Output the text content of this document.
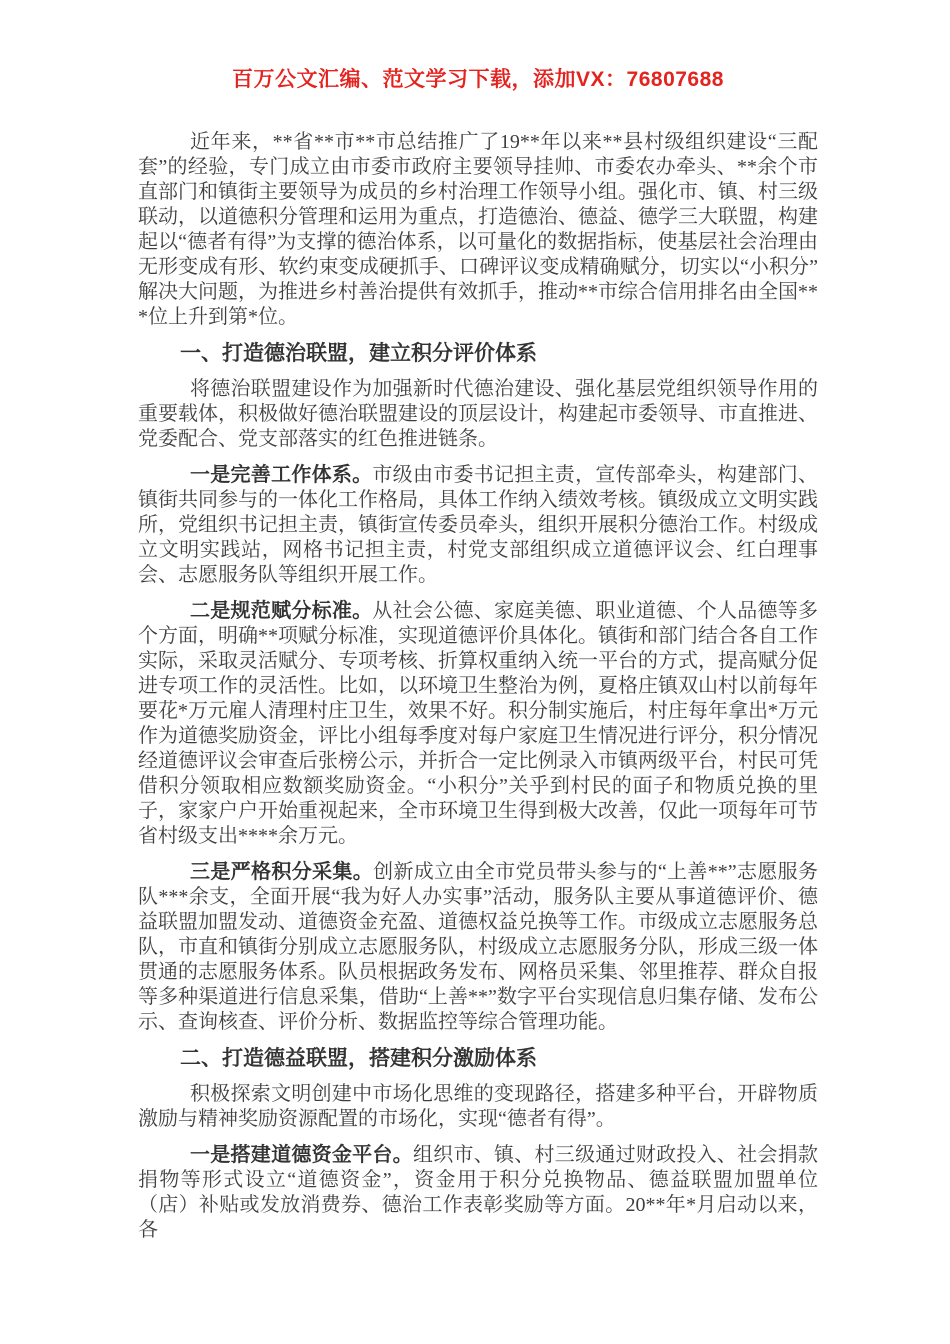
百万公文汇编、范文学习下载，添加VX：76807688

近年来，**省**市**市总结推广了19**年以来**县村级组织建设“三配套”的经验，专门成立由市委市政府主要领导挂帅、市委农办牵头、**余个市直部门和镇街主要领导为成员的乡村治理工作领导小组。强化市、镇、村三级联动，以道德积分管理和运用为重点，打造德治、德益、德学三大联盟，构建起以“德者有得”为支撑的德治体系，以可量化的数据指标，使基层社会治理由无形变成有形、软约束变成硬抓手、口碑评议变成精确赋分，切实以“小积分”解决大问题，为推进乡村善治提供有效抓手，推动**市综合信用排名由全国***位上升到第*位。

一、打造德治联盟，建立积分评价体系

将德治联盟建设作为加强新时代德治建设、强化基层党组织领导作用的重要载体，积极做好德治联盟建设的顶层设计，构建起市委领导、市直推进、党委配合、党支部落实的红色推进链条。

一是完善工作体系。市级由市委书记担主责，宣传部牵头，构建部门、镇街共同参与的一体化工作格局，具体工作纳入绩效考核。镇级成立文明实践所，党组织书记担主责，镇街宣传委员牵头，组织开展积分德治工作。村级成立文明实践站，网格书记担主责，村党支部组织成立道德评议会、红白理事会、志愿服务队等组织开展工作。

二是规范赋分标准。从社会公德、家庭美德、职业道德、个人品德等多个方面，明确**项赋分标准，实现道德评价具体化。镇街和部门结合各自工作实际，采取灵活赋分、专项考核、折算权重纳入统一平台的方式，提高赋分促进专项工作的灵活性。比如，以环境卫生整治为例，夏格庄镇双山村以前每年要花*万元雇人清理村庄卫生，效果不好。积分制实施后，村庄每年拿出*万元作为道德奖励资金，评比小组每季度对每户家庭卫生情况进行评分，积分情况经道德评议会审查后张榜公示，并折合一定比例录入市镇两级平台，村民可凭借积分领取相应数额奖励资金。“小积分”关乎到村民的面子和物质兑换的里子，家家户户开始重视起来，全市环境卫生得到极大改善，仅此一项每年可节省村级支出****余万元。

三是严格积分采集。创新成立由全市党员带头参与的“上善**”志愿服务队***余支，全面开展“我为好人办实事”活动，服务队主要从事道德评价、德益联盟加盟发动、道德资金充盈、道德权益兑换等工作。市级成立志愿服务总队，市直和镇街分别成立志愿服务队，村级成立志愿服务分队，形成三级一体贯通的志愿服务体系。队员根据政务发布、网格员采集、邻里推荐、群众自报等多种渠道进行信息采集，借助“上善**”数字平台实现信息归集存储、发布公示、查询核查、评价分析、数据监控等综合管理功能。

二、打造德益联盟，搭建积分激励体系

积极探索文明创建中市场化思维的变现路径，搭建多种平台，开辟物质激励与精神奖励资源配置的市场化，实现“德者有得”。

一是搭建道德资金平台。组织市、镇、村三级通过财政投入、社会捐款捐物等形式设立“道德资金”，资金用于积分兑换物品、德益联盟加盟单位（店）补贴或发放消费券、德治工作表彰奖励等方面。20**年*月启动以来，各
